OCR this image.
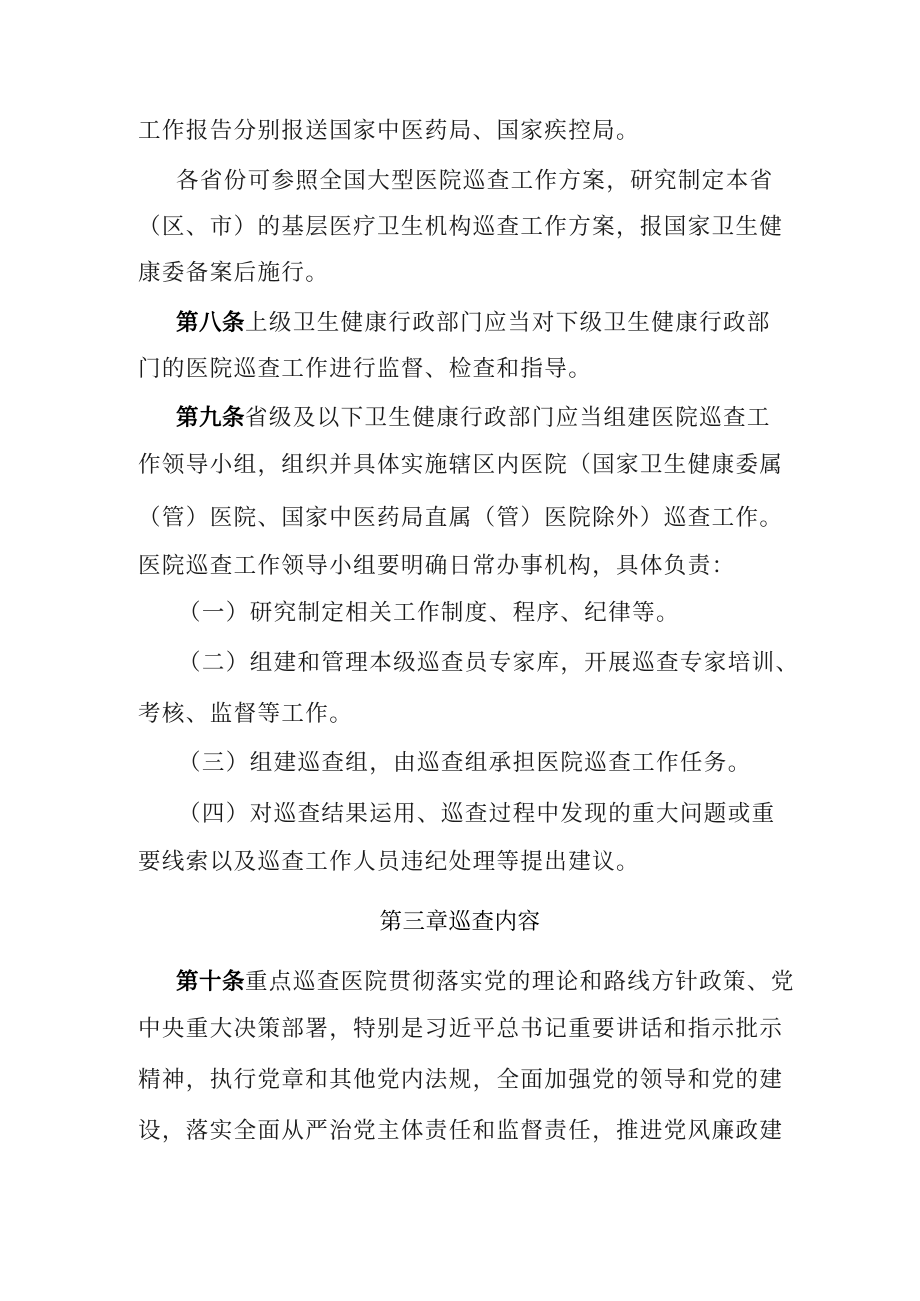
工作报告分别报送国家中医药局、国家疾控局。

各省份可参照全国大型医院巡查工作方案，研究制定本省

（区、市）的基层医疗卫生机构巡查工作方案，报国家卫生健

康委备案后施行。

第八条上级卫生健康行政部门应当对下级卫生健康行政部

门的医院巡查工作进行监督、检查和指导。

第九条省级及以下卫生健康行政部门应当组建医院巡查工

作领导小组，组织并具体实施辖区内医院（国家卫生健康委属

（管）医院、国家中医药局直属（管）医院除外）巡查工作。

医院巡查工作领导小组要明确日常办事机构，具体负责：

（一）研究制定相关工作制度、程序、纪律等。

（二）组建和管理本级巡查员专家库，开展巡查专家培训、

考核、监督等工作。

（三）组建巡查组，由巡查组承担医院巡查工作任务。

（四）对巡查结果运用、巡查过程中发现的重大问题或重

要线索以及巡查工作人员违纪处理等提出建议。

第三章巡查内容

第十条重点巡查医院贯彻落实党的理论和路线方针政策、党

中央重大决策部署，特别是习近平总书记重要讲话和指示批示

精神，执行党章和其他党内法规，全面加强党的领导和党的建

设，落实全面从严治党主体责任和监督责任，推进党风廉政建
